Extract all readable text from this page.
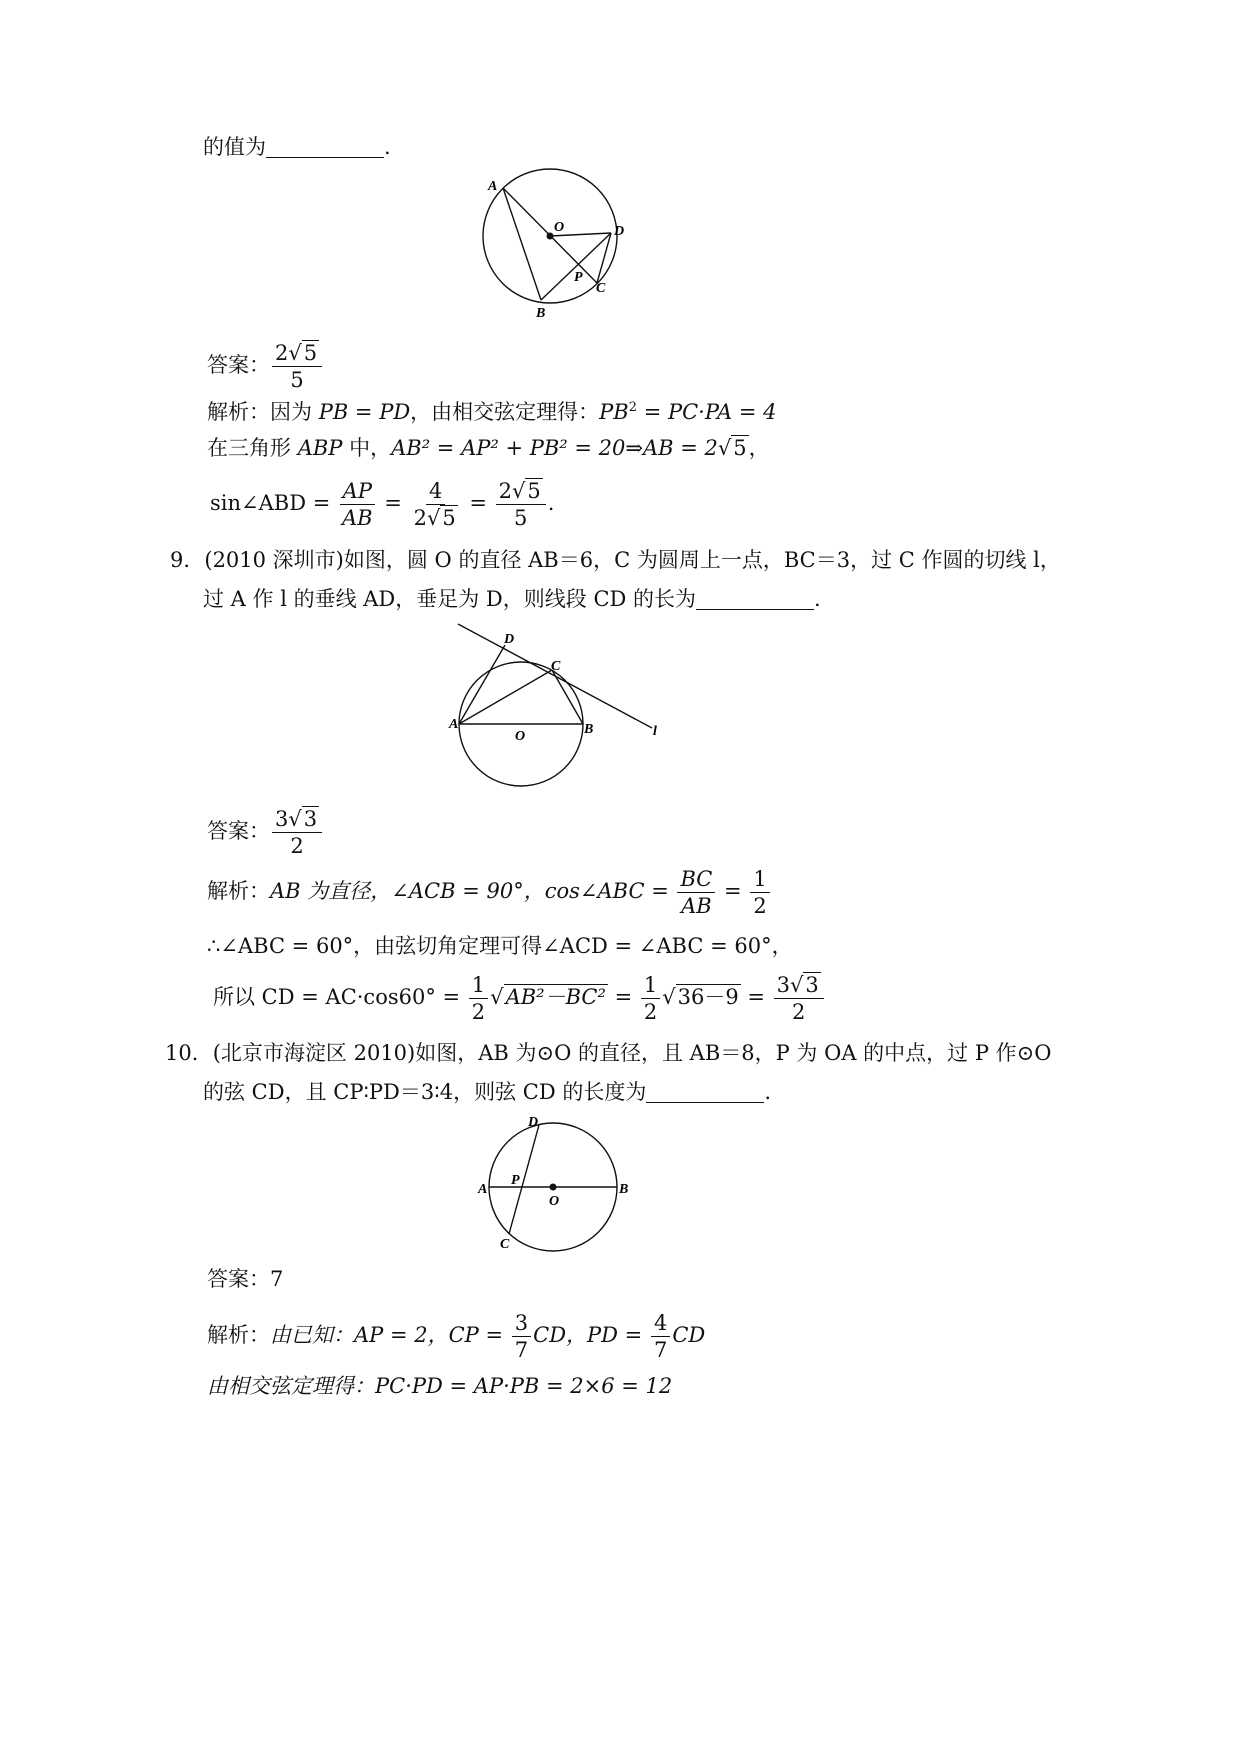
的值为	.
A
O	D
P
C
B
答案： $\frac{2√5}{5}$
解析：因为 PB = PD，由相交弦定理得：$PB^2 = PC\cdot PA = 4$
在三角形 ABP 中，AB² = AP² + PB² = 20⇒AB = 2√5，
sin∠ABD = $\frac{AP}{AB} = \frac{4}{2√5} = \frac{2√5}{5}$ .
9．(2010 深圳市)如图，圆 O 的直径 AB＝6，C 为圆周上一点，BC＝3，过 C 作圆的切线 l，
过 A 作 l 的垂线 AD，垂足为 D，则线段 CD 的长为	.
D
C
A
O	B	l
答案： $\frac{3√3}{2}$
解析：AB 为直径，∠ACB = 90°，cos∠ABC = $\frac{BC}{AB} = \frac{1}{2}$
∴∠ABC = 60°，由弦切角定理可得∠ACD = ∠ABC = 60°，
所以 CD = $AC\cdot\cos 60^\circ = \frac{1}{2} √AB^2-BC^2 = \frac{1}{2} √36-9 = \frac{3√3}{2}$
10．(北京市海淀区 2010)如图，AB 为⊙O 的直径，且 AB＝8，P 为 OA 的中点，过 P 作⊙O
的弦 CD，且 CP∶PD＝3∶4，则弦 CD 的长度为	.
D
A
P
O
B
C
答案：7
解析：由已知：AP = 2，CP = $\frac{3}{7}$ CD，PD = $\frac{4}{7}$ CD
由相交弦定理得：PC·PD = AP·PB = 2×6 = 12
